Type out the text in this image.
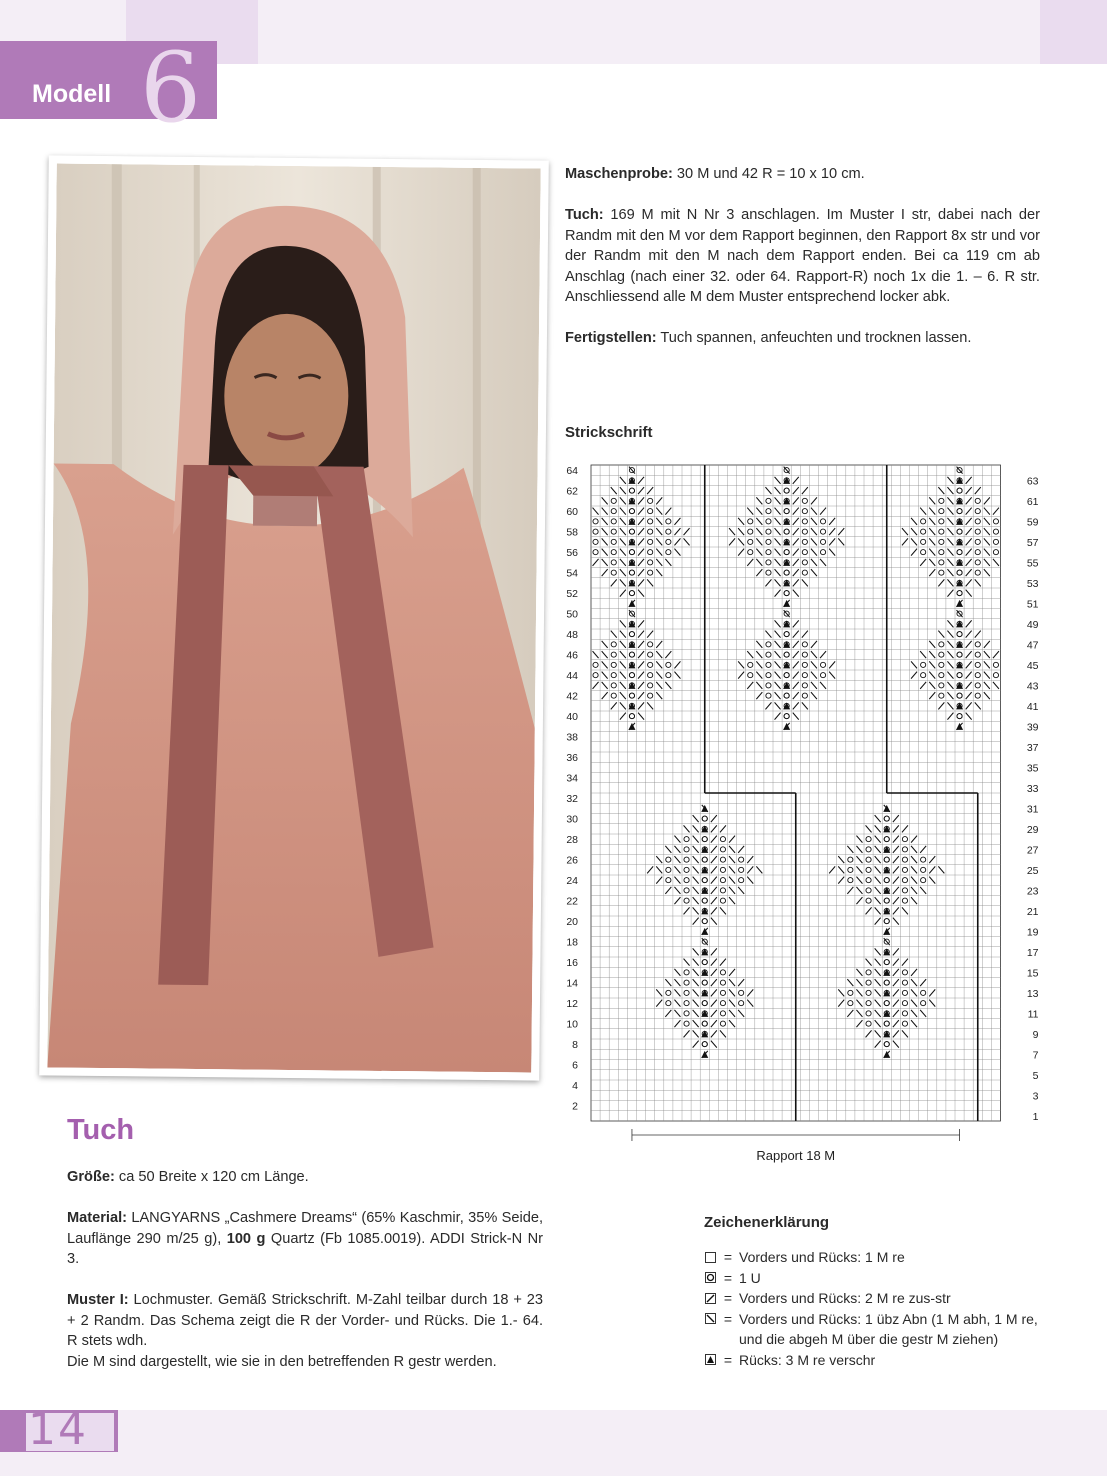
6
Modell

Maschenprobe: 30 M und 42 R = 10 x 10 cm.

Tuch: 169 M mit N Nr 3 anschlagen. Im Muster I str, dabei nach der Randm mit den M vor dem Rapport beginnen, den Rapport 8x str und vor der Randm mit den M nach dem Rapport enden. Bei ca 119 cm ab Anschlag (nach einer 32. oder 64. Rapport-R) noch 1x die 1. – 6. R str. Anschliessend alle M dem Muster entsprechend locker abk.

Fertigstellen: Tuch spannen, anfeuchten und trocknen lassen.

Strickschrift
64
62
60
58
56
54
52
50
48
46
44
42
40
38
36
34
32
30
28
26
24
22
20
18
16
14
12
10
8
6
4
2
63
61
59
57
55
53
51
49
47
45
43
41
39
37
35
33
31
29
27
25
23
21
19
17
15
13
11
9
7
5
3
1
Rapport 18 M
Tuch

Größe: ca 50 Breite x 120 cm Länge.

Material: LANGYARNS „Cashmere Dreams“ (65% Kaschmir, 35% Seide, Lauflänge 290 m/25 g), 100 g Quartz (Fb 1085.0019). ADDI Strick-N Nr 3.

Muster I: Lochmuster. Gemäß Strickschrift. M-Zahl teilbar durch 18 + 23 + 2 Randm. Das Schema zeigt die R der Vorder- und Rücks. Die 1.- 64. R stets wdh.

Die M sind dargestellt, wie sie in den betreffenden R gestr werden.

Zeichenerklärung
= Vorders und Rücks: 1 M re
= 1 U
= Vorders und Rücks: 2 M re zus-str
= Vorders und Rücks: 1 übz Abn (1 M abh, 1 M re, und die abgeh M über die gestr M ziehen)
= Rücks: 3 M re verschr
14
